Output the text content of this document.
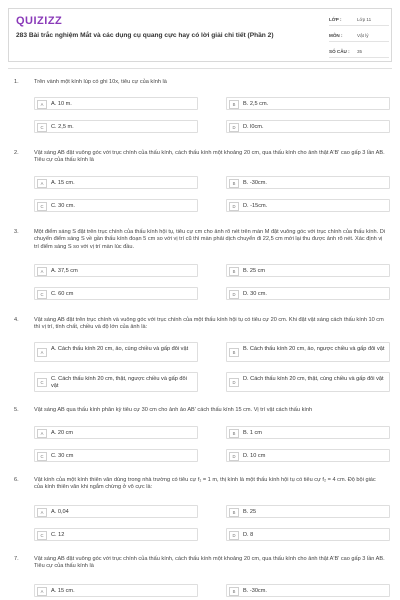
QUIZIZZ
283 Bài trắc nghiệm Mắt và các dụng cụ quang cực hay có lời giải chi tiết (Phần 2)
LỚP :	Lớp 11
MÔN :	Vật lý
SỐ CÂU :	35
1.	Trên vành một kính lúp có ghi 10x, tiêu cự của kính là
A	A. 10 m.	B	B. 2,5 cm.
C	C. 2,5 m.	D	D. l0cm.
2.	Vật sáng AB đặt vuông góc với trục chính của thấu kính, cách thấu kính một khoảng 20 cm, qua thấu kính cho ảnh thật A'B' cao gấp 3 lần AB. Tiêu cự của thấu kính là
A	A. 15 cm.	B	B. -30cm.
C	C. 30 cm.	D	D. -15cm.
3.	Một điểm sáng S đặt trên trục chính của thấu kính hội tụ, tiêu cự cm cho ảnh rõ nét trên màn M đặt vuông góc với trục chính của thấu kính. Di chuyển điểm sáng S về gần thấu kính đoạn 5 cm so với vị trí cũ thì màn phải dịch chuyển đi 22,5 cm mới lại thu được ảnh rõ nét. Xác định vị trí điểm sáng S so với vị trí màn lúc đầu.
A	A. 37,5 cm	B	B. 25 cm
C	C. 60 cm	D	D. 30 cm.
4.	Vật sáng AB đặt trên trục chính và vuông góc với trục chính của một thấu kính hội tụ có tiêu cự 20 cm. Khi đặt vật sáng cách thấu kính 10 cm thì vị trí, tính chất, chiều và độ lớn của ảnh là:
A
A. Cách thấu kính 20 cm, ảo, cùng chiều và gấp đôi vật
B
B. Cách thấu kính 20 cm, ảo, ngược chiều và gấp đôi vật
C
C. Cách thấu kính 20 cm, thật, ngược chiều và gấp đôi vật
D
D. Cách thấu kính 20 cm, thật, cùng chiều và gấp đôi vật
5.	Vật sáng AB qua thấu kính phân kỳ tiêu cự 30 cm cho ảnh ảo AB' cách thấu kính 15 cm. Vị trí vật cách thấu kính
A	A. 20 cm	B	B. 1 cm
C	C. 30 cm	D	D. 10 cm
6.	Vật kính của một kính thiên văn dùng trong nhà trường có tiêu cự f₁ = 1 m, thị kính là một thấu kính hội tụ có tiêu cự f₂ = 4 cm. Độ bội giác của kính thiên văn khi ngắm chừng ở vô cực là:
A	A. 0,04	B	B. 25
C	C. 12	D	D. 8
7.	Vật sáng AB đặt vuông góc với trục chính của thấu kính, cách thấu kính một khoảng 20 cm, qua thấu kính cho ảnh thật A'B' cao gấp 3 lần AB. Tiêu cự của thấu kính là
A	A. 15 cm.	B	B. -30cm.
